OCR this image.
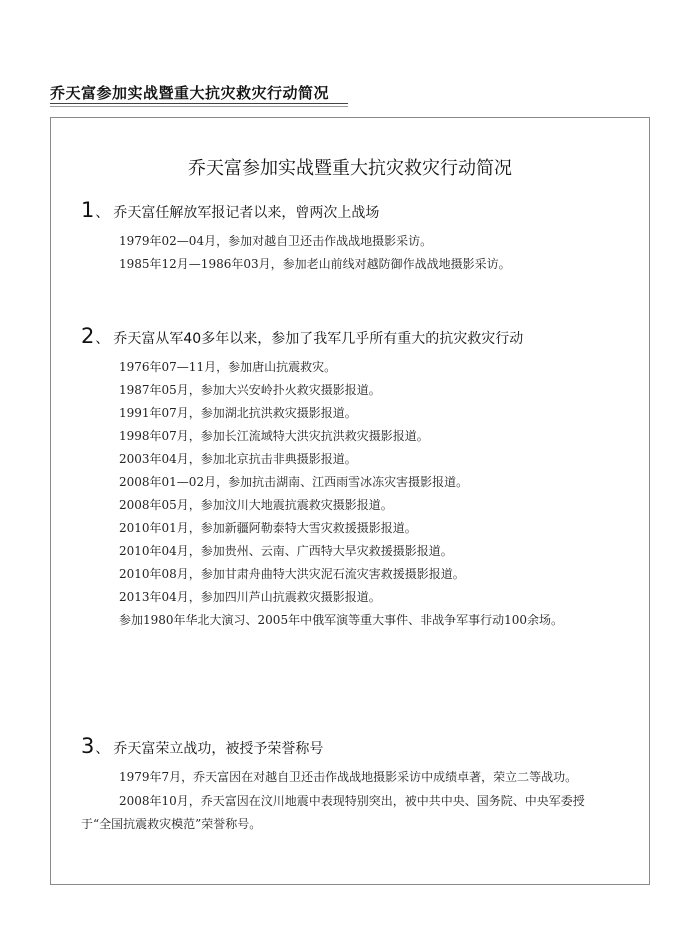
乔天富参加实战暨重大抗灾救灾行动简况
乔天富参加实战暨重大抗灾救灾行动简况
1、 乔天富任解放军报记者以来，曾两次上战场
1979年02—04月，参加对越自卫还击作战战地摄影采访。
1985年12月—1986年03月，参加老山前线对越防御作战战地摄影采访。
2、 乔天富从军40多年以来，参加了我军几乎所有重大的抗灾救灾行动
1976年07—11月，参加唐山抗震救灾。
1987年05月，参加大兴安岭扑火救灾摄影报道。
1991年07月，参加湖北抗洪救灾摄影报道。
1998年07月，参加长江流域特大洪灾抗洪救灾摄影报道。
2003年04月，参加北京抗击非典摄影报道。
2008年01—02月，参加抗击湖南、江西雨雪冰冻灾害摄影报道。
2008年05月，参加汶川大地震抗震救灾摄影报道。
2010年01月，参加新疆阿勒泰特大雪灾救援摄影报道。
2010年04月，参加贵州、云南、广西特大旱灾救援摄影报道。
2010年08月，参加甘肃舟曲特大洪灾泥石流灾害救援摄影报道。
2013年04月，参加四川芦山抗震救灾摄影报道。
参加1980年华北大演习、2005年中俄军演等重大事件、非战争军事行动100余场。
3、 乔天富荣立战功，被授予荣誉称号
1979年7月，乔天富因在对越自卫还击作战战地摄影采访中成绩卓著，荣立二等战功。
2008年10月，乔天富因在汶川地震中表现特别突出，被中共中央、国务院、中央军委授于“全国抗震救灾模范”荣誉称号。
